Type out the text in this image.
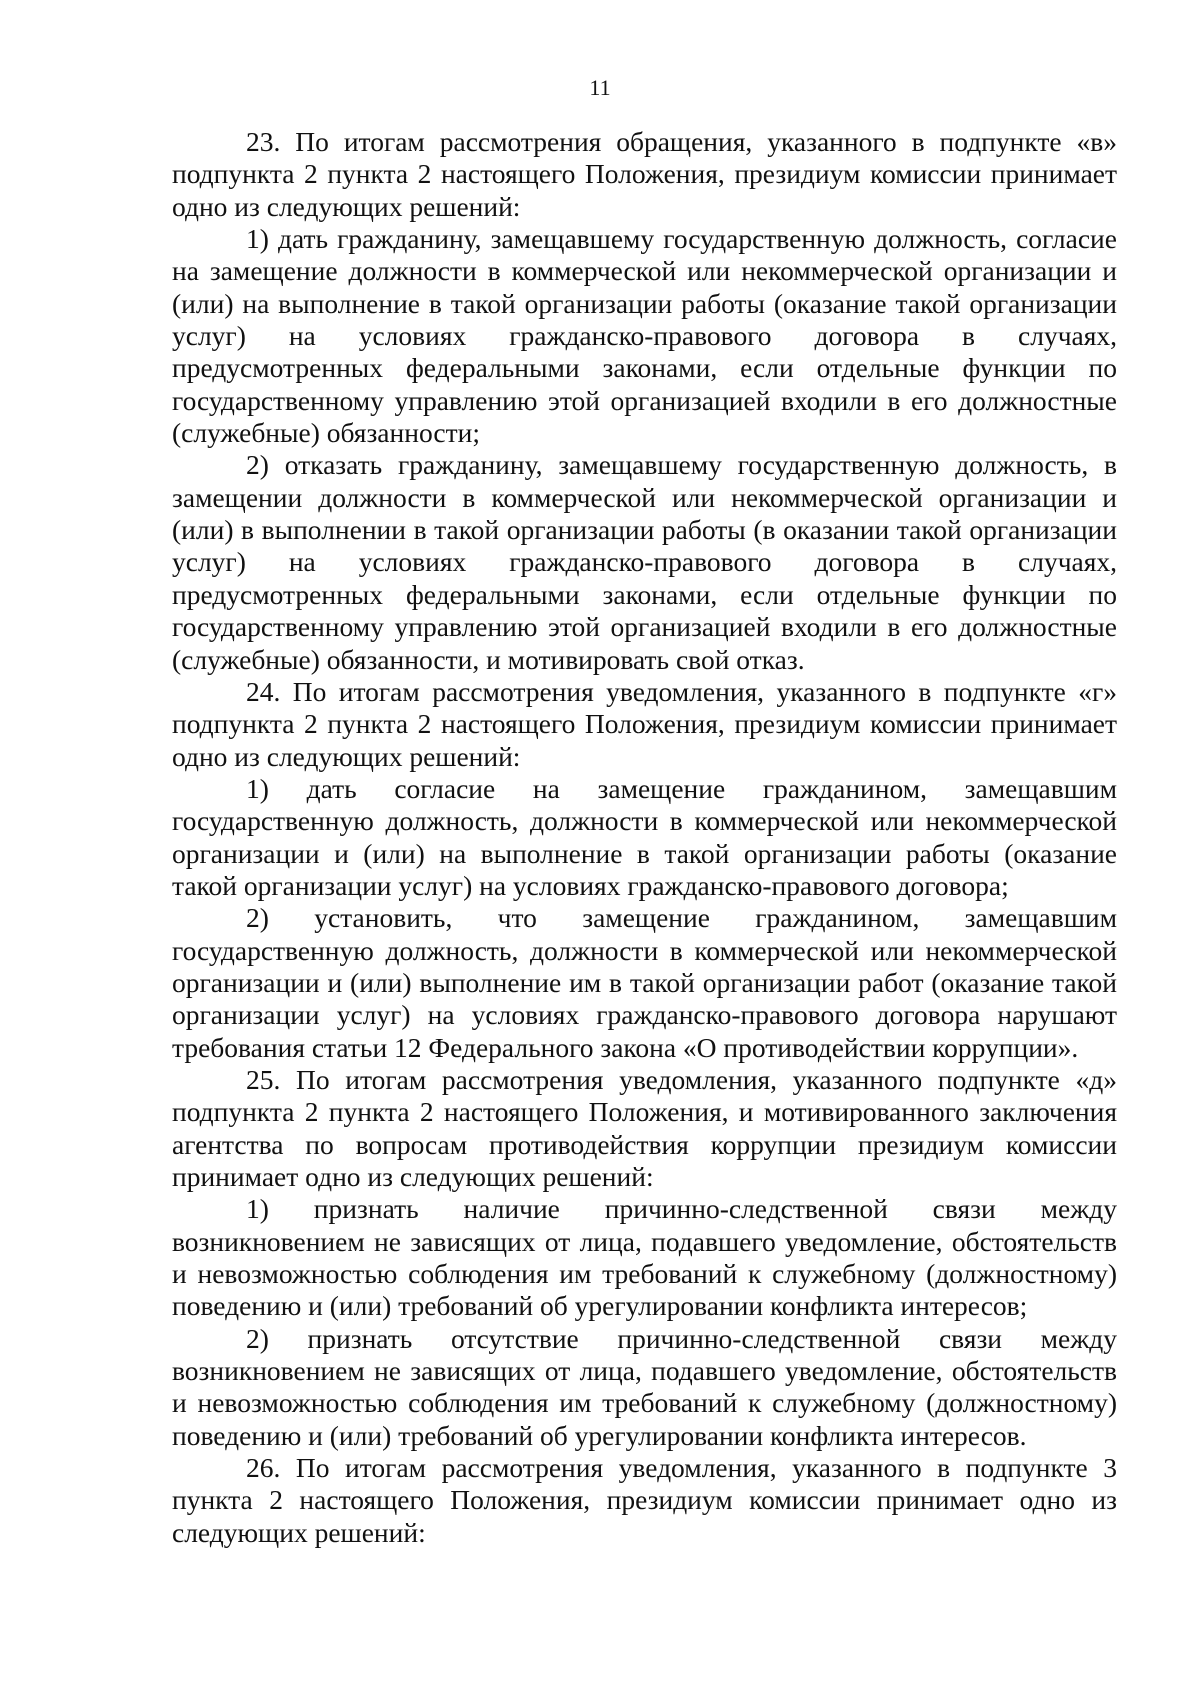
11

23. По итогам рассмотрения обращения, указанного в подпункте «в» подпункта 2 пункта 2 настоящего Положения, президиум комиссии принимает одно из следующих решений:

1) дать гражданину, замещавшему государственную должность, согласие на замещение должности в коммерческой или некоммерческой организации и (или) на выполнение в такой организации работы (оказание такой организации услуг) на условиях гражданско-правового договора в случаях, предусмотренных федеральными законами, если отдельные функции по государственному управлению этой организацией входили в его должностные (служебные) обязанности;

2) отказать гражданину, замещавшему государственную должность, в замещении должности в коммерческой или некоммерческой организации и (или) в выполнении в такой организации работы (в оказании такой организации услуг) на условиях гражданско-правового договора в случаях, предусмотренных федеральными законами, если отдельные функции по государственному управлению этой организацией входили в его должностные (служебные) обязанности, и мотивировать свой отказ.

24. По итогам рассмотрения уведомления, указанного в подпункте «г» подпункта 2 пункта 2 настоящего Положения, президиум комиссии принимает одно из следующих решений:

1) дать согласие на замещение гражданином, замещавшим государственную должность, должности в коммерческой или некоммерческой организации и (или) на выполнение в такой организации работы (оказание такой организации услуг) на условиях гражданско-правового договора;

2) установить, что замещение гражданином, замещавшим государственную должность, должности в коммерческой или некоммерческой организации и (или) выполнение им в такой организации работ (оказание такой организации услуг) на условиях гражданско-правового договора нарушают требования статьи 12 Федерального закона «О противодействии коррупции».

25. По итогам рассмотрения уведомления, указанного подпункте «д» подпункта 2 пункта 2 настоящего Положения, и мотивированного заключения агентства по вопросам противодействия коррупции президиум комиссии принимает одно из следующих решений:

1) признать наличие причинно-следственной связи между возникновением не зависящих от лица, подавшего уведомление, обстоятельств и невозможностью соблюдения им требований к служебному (должностному) поведению и (или) требований об урегулировании конфликта интересов;

2) признать отсутствие причинно-следственной связи между возникновением не зависящих от лица, подавшего уведомление, обстоятельств и невозможностью соблюдения им требований к служебному (должностному) поведению и (или) требований об урегулировании конфликта интересов.

26. По итогам рассмотрения уведомления, указанного в подпункте 3 пункта 2 настоящего Положения, президиум комиссии принимает одно из следующих решений:
